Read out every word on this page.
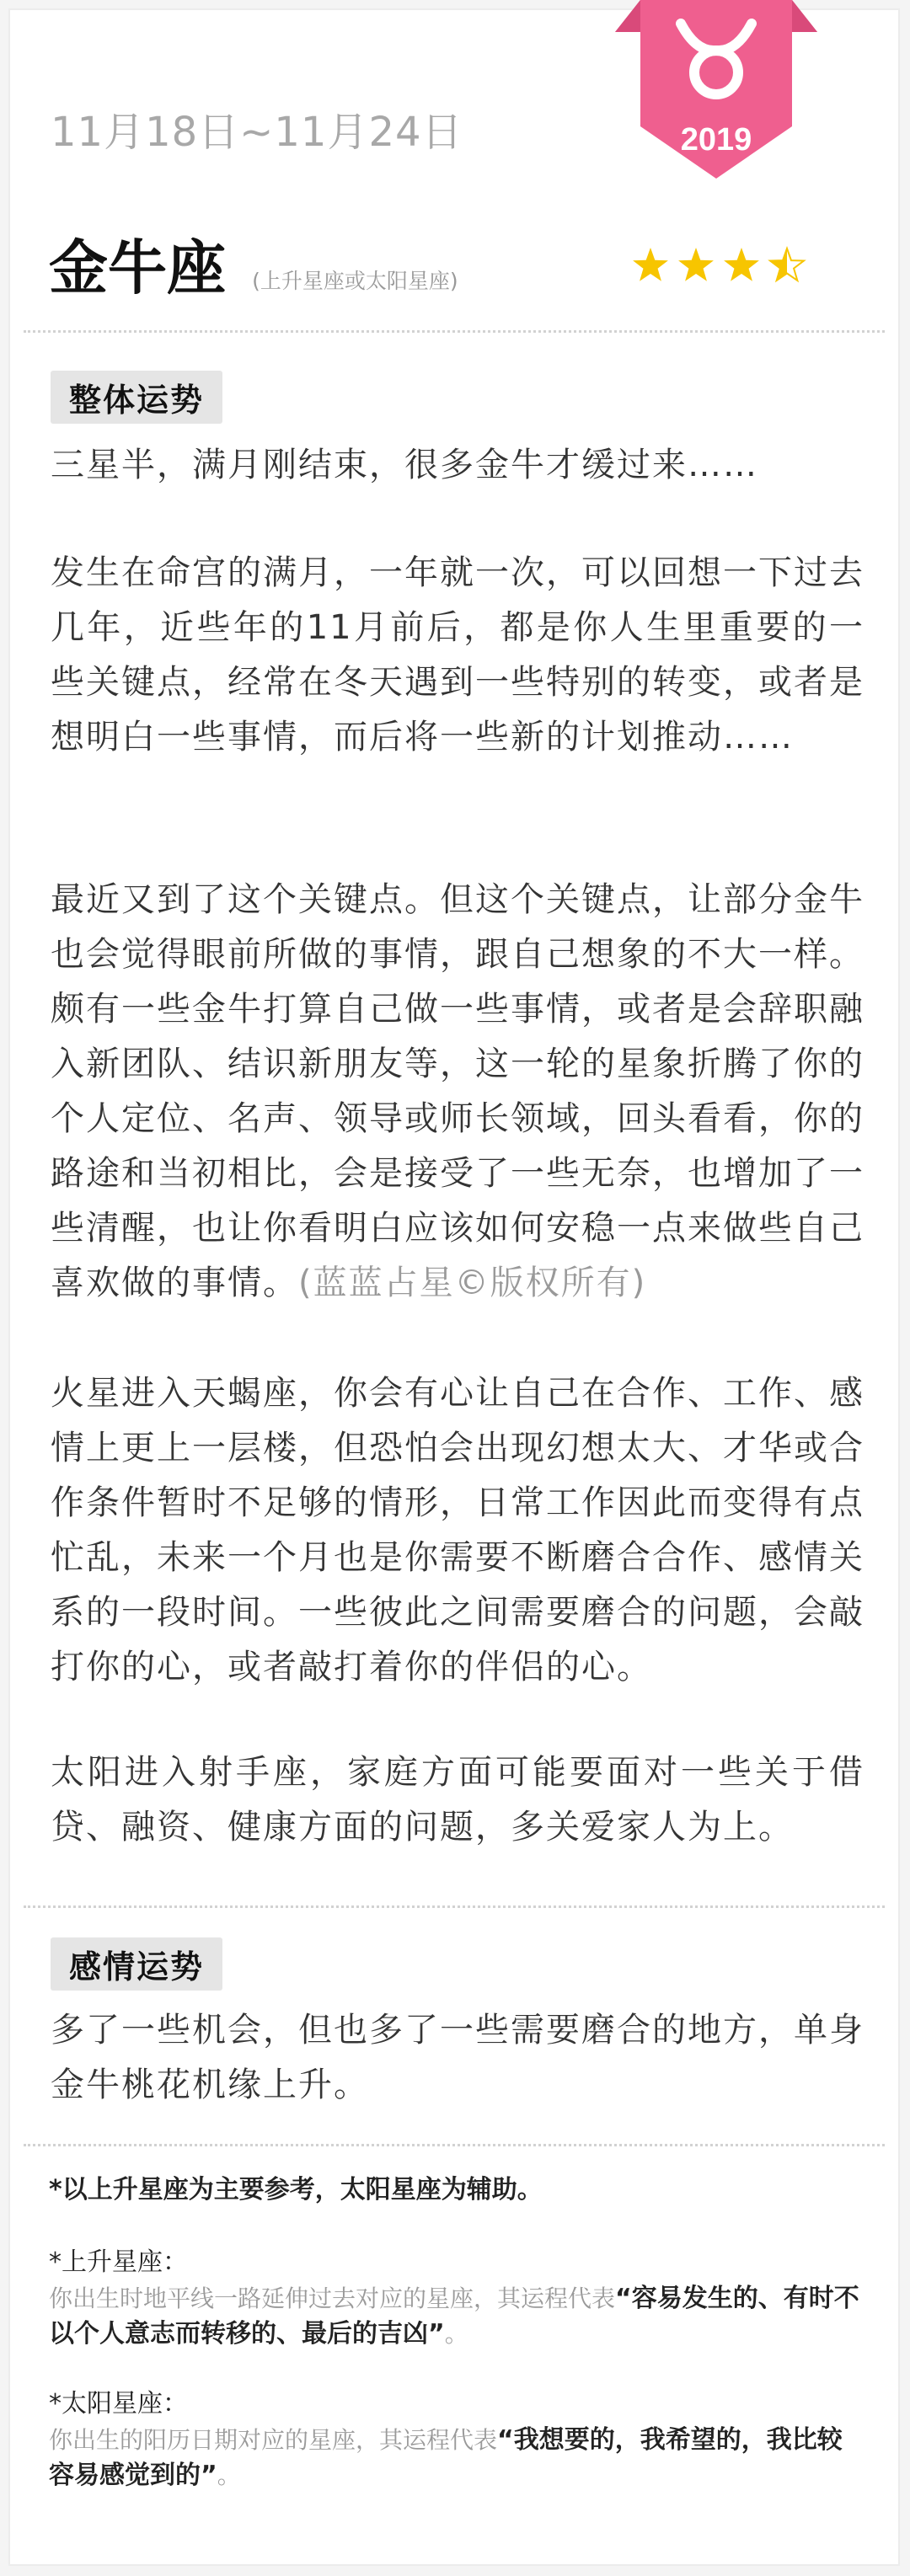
2019
11月18日~11月24日
金牛座 (上升星座或太阳星座)
整体运势

三星半，满月刚结束，很多金牛才缓过来……

发生在命宫的满月，一年就一次，可以回想一下过去几年，近些年的11月前后，都是你人生里重要的一些关键点，经常在冬天遇到一些特别的转变，或者是想明白一些事情，而后将一些新的计划推动……

最近又到了这个关键点。但这个关键点，让部分金牛也会觉得眼前所做的事情，跟自己想象的不大一样。颇有一些金牛打算自己做一些事情，或者是会辞职融入新团队、结识新朋友等，这一轮的星象折腾了你的个人定位、名声、领导或师长领域，回头看看，你的路途和当初相比，会是接受了一些无奈，也增加了一些清醒，也让你看明白应该如何安稳一点来做些自己喜欢做的事情。(蓝蓝占星©版权所有)

火星进入天蝎座，你会有心让自己在合作、工作、感情上更上一层楼，但恐怕会出现幻想太大、才华或合作条件暂时不足够的情形，日常工作因此而变得有点忙乱，未来一个月也是你需要不断磨合合作、感情关系的一段时间。一些彼此之间需要磨合的问题，会敲打你的心，或者敲打着你的伴侣的心。

太阳进入射手座，家庭方面可能要面对一些关于借贷、融资、健康方面的问题，多关爱家人为上。

感情运势

多了一些机会，但也多了一些需要磨合的地方，单身金牛桃花机缘上升。

*以上升星座为主要参考，太阳星座为辅助。

*上升星座：

你出生时地平线一路延伸过去对应的星座，其运程代表“容易发生的、有时不以个人意志而转移的、最后的吉凶”。

*太阳星座：

你出生的阳历日期对应的星座，其运程代表“我想要的，我希望的，我比较容易感觉到的”。
